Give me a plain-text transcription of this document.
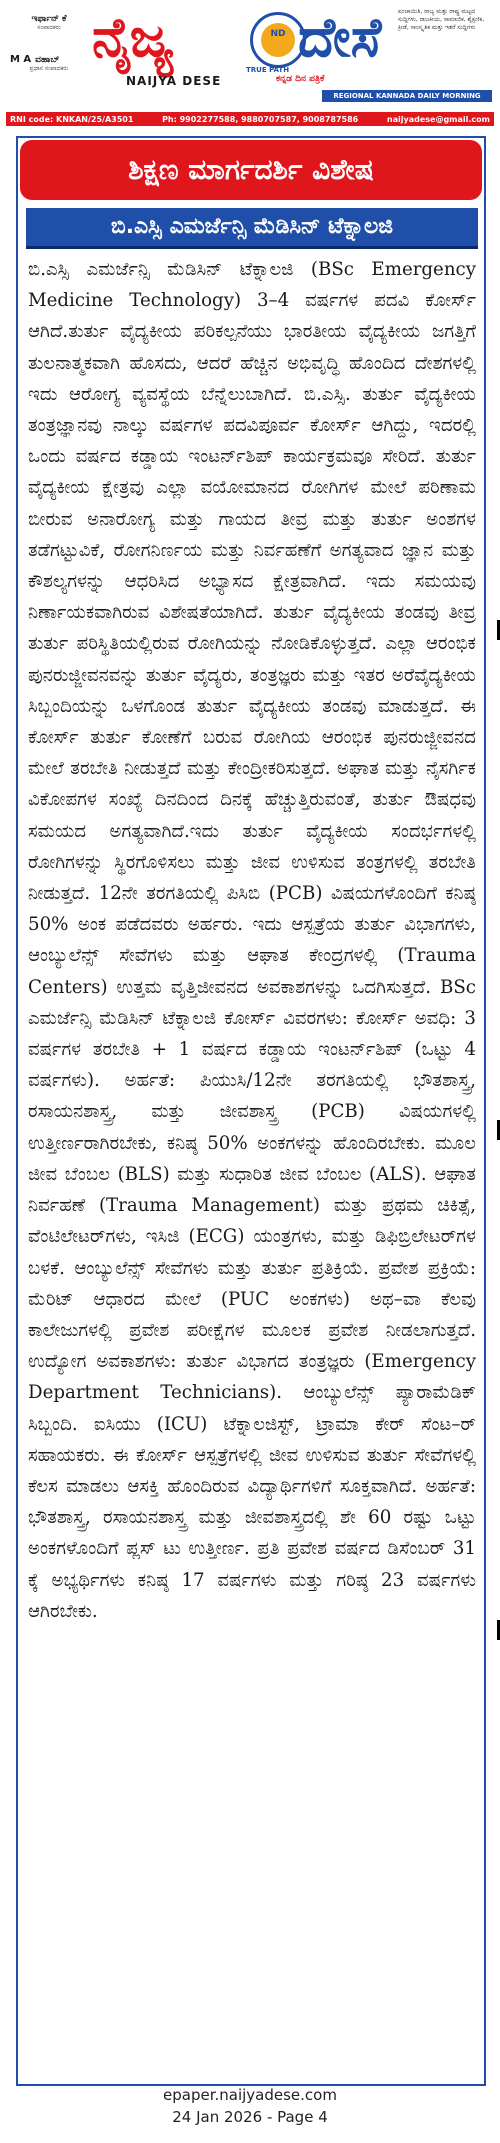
ಇರ್ಫಾನ್ ಕೆ
ಸಂಪಾದಕರು
M A ವಹಾಬ್
ಪ್ರಧಾನ ಸಂಪಾದಕರು ನೈಜ್ಯ	ND ದೇಸೆ
NAIJYA DESE
TRUE PATH
ಕನ್ನಡ ದಿನ ಪತ್ರಿಕೆ
ಪಂಚಾಯಿತಿ, ರಾಜ್ಯ ಮತ್ತು ರಾಷ್ಟ್ರ ಮಟ್ಟದ ಸುದ್ದಿಗಳು, ರಾಜಕೀಯ, ಸಾಮಾಜಿಕ, ಶೈಕ್ಷಣಿಕ, ಕ್ರೀಡೆ, ಸಾಂಸ್ಕೃತಿಕ ಮತ್ತು ಇತರೆ ಸುದ್ದಿಗಳು
REGIONAL KANNADA DAILY MORNING
RNI code: KNKAN/25/A3501	Ph: 9902277588, 9880707587, 9008787586	naijyadese@gmail.com
ಶಿಕ್ಷಣ ಮಾರ್ಗದರ್ಶಿ ವಿಶೇಷ
ಬಿ.ಎಸ್ಸಿ ಎಮರ್ಜೆನ್ಸಿ ಮೆಡಿಸಿನ್ ಟೆಕ್ನಾಲಜಿ

ಬಿ.ಎಸ್ಸಿ ಎಮರ್ಜೆನ್ಸಿ ಮೆಡಿಸಿನ್ ಟೆಕ್ನಾಲಜಿ (BSc Emergency Medicine Technology) 3–4 ವರ್ಷಗಳ ಪದವಿ ಕೋರ್ಸ್ ಆಗಿದೆ.ತುರ್ತು ವೈದ್ಯಕೀಯ ಪರಿಕಲ್ಪನೆಯು ಭಾರತೀಯ ವೈದ್ಯಕೀಯ ಜಗತ್ತಿಗೆ ತುಲನಾತ್ಮಕವಾಗಿ ಹೊಸದು, ಆದರೆ ಹೆಚ್ಚಿನ ಅಭಿವೃದ್ಧಿ ಹೊಂದಿದ ದೇಶಗಳಲ್ಲಿ ಇದು ಆರೋಗ್ಯ ವ್ಯವಸ್ಥೆಯ ಬೆನ್ನೆಲುಬಾಗಿದೆ. ಬಿ.ಎಸ್ಸಿ. ತುರ್ತು ವೈದ್ಯಕೀಯ ತಂತ್ರಜ್ಞಾನವು ನಾಲ್ಕು ವರ್ಷಗಳ ಪದವಿಪೂರ್ವ ಕೋರ್ಸ್ ಆಗಿದ್ದು, ಇದರಲ್ಲಿ ಒಂದು ವರ್ಷದ ಕಡ್ಡಾಯ ಇಂಟರ್ನ್‌ಶಿಪ್ ಕಾರ್ಯಕ್ರಮವೂ ಸೇರಿದೆ. ತುರ್ತು ವೈದ್ಯಕೀಯ ಕ್ಷೇತ್ರವು ಎಲ್ಲಾ ವಯೋಮಾನದ ರೋಗಿಗಳ ಮೇಲೆ ಪರಿಣಾಮ ಬೀರುವ ಅನಾರೋಗ್ಯ ಮತ್ತು ಗಾಯದ ತೀವ್ರ ಮತ್ತು ತುರ್ತು ಅಂಶಗಳ ತಡೆಗಟ್ಟುವಿಕೆ, ರೋಗನಿರ್ಣಯ ಮತ್ತು ನಿರ್ವಹಣೆಗೆ ಅಗತ್ಯವಾದ ಜ್ಞಾನ ಮತ್ತು ಕೌಶಲ್ಯಗಳನ್ನು ಆಧರಿಸಿದ ಅಭ್ಯಾಸದ ಕ್ಷೇತ್ರವಾಗಿದೆ. ಇದು ಸಮಯವು ನಿರ್ಣಾಯಕವಾಗಿರುವ ವಿಶೇಷತೆಯಾಗಿದೆ. ತುರ್ತು ವೈದ್ಯಕೀಯ ತಂಡವು ತೀವ್ರ ತುರ್ತು ಪರಿಸ್ಥಿತಿಯಲ್ಲಿರುವ ರೋಗಿಯನ್ನು ನೋಡಿಕೊಳ್ಳುತ್ತದೆ. ಎಲ್ಲಾ ಆರಂಭಿಕ ಪುನರುಜ್ಜೀವನವನ್ನು ತುರ್ತು ವೈದ್ಯರು, ತಂತ್ರಜ್ಞರು ಮತ್ತು ಇತರ ಅರೆವೈದ್ಯಕೀಯ ಸಿಬ್ಬಂದಿಯನ್ನು ಒಳಗೊಂಡ ತುರ್ತು ವೈದ್ಯಕೀಯ ತಂಡವು ಮಾಡುತ್ತದೆ. ಈ ಕೋರ್ಸ್ ತುರ್ತು ಕೋಣೆಗೆ ಬರುವ ರೋಗಿಯ ಆರಂಭಿಕ ಪುನರುಜ್ಜೀವನದ ಮೇಲೆ ತರಬೇತಿ ನೀಡುತ್ತದೆ ಮತ್ತು ಕೇಂದ್ರೀಕರಿಸುತ್ತದೆ. ಅಘಾತ ಮತ್ತು ನೈಸರ್ಗಿಕ ವಿಕೋಪಗಳ ಸಂಖ್ಯೆ ದಿನದಿಂದ ದಿನಕ್ಕೆ ಹೆಚ್ಚುತ್ತಿರುವಂತೆ, ತುರ್ತು ಔಷಧವು ಸಮಯದ ಅಗತ್ಯವಾಗಿದೆ.ಇದು ತುರ್ತು ವೈದ್ಯಕೀಯ ಸಂದರ್ಭಗಳಲ್ಲಿ ರೋಗಿಗಳನ್ನು ಸ್ಥಿರಗೊಳಿಸಲು ಮತ್ತು ಜೀವ ಉಳಿಸುವ ತಂತ್ರಗಳಲ್ಲಿ ತರಬೇತಿ ನೀಡುತ್ತದೆ. 12ನೇ ತರಗತಿಯಲ್ಲಿ ಪಿಸಿಬಿ (PCB) ವಿಷಯಗಳೊಂದಿಗೆ ಕನಿಷ್ಠ 50% ಅಂಕ ಪಡೆದವರು ಅರ್ಹರು. ಇದು ಆಸ್ಪತ್ರೆಯ ತುರ್ತು ವಿಭಾಗಗಳು, ಆಂಬ್ಯುಲೆನ್ಸ್ ಸೇವೆಗಳು ಮತ್ತು ಆಘಾತ ಕೇಂದ್ರಗಳಲ್ಲಿ (Trauma Centers) ಉತ್ತಮ ವೃತ್ತಿಜೀವನದ ಅವಕಾಶಗಳನ್ನು ಒದಗಿಸುತ್ತದೆ. BSc ಎಮರ್ಜೆನ್ಸಿ ಮೆಡಿಸಿನ್ ಟೆಕ್ನಾಲಜಿ ಕೋರ್ಸ್ ವಿವರಗಳು: ಕೋರ್ಸ್ ಅವಧಿ: 3 ವರ್ಷಗಳ ತರಬೇತಿ + 1 ವರ್ಷದ ಕಡ್ಡಾಯ ಇಂಟರ್ನ್‌ಶಿಪ್ (ಒಟ್ಟು 4 ವರ್ಷಗಳು). ಅರ್ಹತೆ: ಪಿಯುಸಿ/12ನೇ ತರಗತಿಯಲ್ಲಿ ಭೌತಶಾಸ್ತ್ರ, ರಸಾಯನಶಾಸ್ತ್ರ, ಮತ್ತು ಜೀವಶಾಸ್ತ್ರ (PCB) ವಿಷಯಗಳಲ್ಲಿ ಉತ್ತೀರ್ಣರಾಗಿರಬೇಕು, ಕನಿಷ್ಠ 50% ಅಂಕಗಳನ್ನು ಹೊಂದಿರಬೇಕು. ಮೂಲ ಜೀವ ಬೆಂಬಲ (BLS) ಮತ್ತು ಸುಧಾರಿತ ಜೀವ ಬೆಂಬಲ (ALS). ಆಘಾತ ನಿರ್ವಹಣೆ (Trauma Management) ಮತ್ತು ಪ್ರಥಮ ಚಿಕಿತ್ಸೆ, ವೆಂಟಿಲೇಟರ್‌ಗಳು, ಇಸಿಜಿ (ECG) ಯಂತ್ರಗಳು, ಮತ್ತು ಡಿಫಿಬ್ರಿಲೇಟರ್‌ಗಳ ಬಳಕೆ. ಆಂಬ್ಯುಲೆನ್ಸ್ ಸೇವೆಗಳು ಮತ್ತು ತುರ್ತು ಪ್ರತಿಕ್ರಿಯೆ. ಪ್ರವೇಶ ಪ್ರಕ್ರಿಯೆ: ಮೆರಿಟ್ ಆಧಾರದ ಮೇಲೆ (PUC ಅಂಕಗಳು) ಅಥ–ವಾ ಕೆಲವು ಕಾಲೇಜುಗಳಲ್ಲಿ ಪ್ರವೇಶ ಪರೀಕ್ಷೆಗಳ ಮೂಲಕ ಪ್ರವೇಶ ನೀಡಲಾಗುತ್ತದೆ. ಉದ್ಯೋಗ ಅವಕಾಶಗಳು: ತುರ್ತು ವಿಭಾಗದ ತಂತ್ರಜ್ಞರು (Emergency Department Technicians). ಆಂಬ್ಯುಲೆನ್ಸ್ ಪ್ಯಾರಾಮೆಡಿಕ್ ಸಿಬ್ಬಂದಿ. ಐಸಿಯು (ICU) ಟೆಕ್ನಾಲಜಿಸ್ಟ್, ಟ್ರಾಮಾ ಕೇರ್ ಸೆಂಟ–ರ್ ಸಹಾಯಕರು. ಈ ಕೋರ್ಸ್ ಆಸ್ಪತ್ರೆಗಳಲ್ಲಿ ಜೀವ ಉಳಿಸುವ ತುರ್ತು ಸೇವೆಗಳಲ್ಲಿ ಕೆಲಸ ಮಾಡಲು ಆಸಕ್ತಿ ಹೊಂದಿರುವ ವಿದ್ಯಾರ್ಥಿಗಳಿಗೆ ಸೂಕ್ತವಾಗಿದೆ. ಅರ್ಹತೆ: ಭೌತಶಾಸ್ತ್ರ, ರಸಾಯನಶಾಸ್ತ್ರ ಮತ್ತು ಜೀವಶಾಸ್ತ್ರದಲ್ಲಿ ಶೇ 60 ರಷ್ಟು ಒಟ್ಟು ಅಂಕಗಳೊಂದಿಗೆ ಪ್ಲಸ್ ಟು ಉತ್ತೀರ್ಣ. ಪ್ರತಿ ಪ್ರವೇಶ ವರ್ಷದ ಡಿಸೆಂಬರ್ 31 ಕ್ಕೆ ಅಭ್ಯರ್ಥಿಗಳು ಕನಿಷ್ಠ 17 ವರ್ಷಗಳು ಮತ್ತು ಗರಿಷ್ಠ 23 ವರ್ಷಗಳು ಆಗಿರಬೇಕು.

epaper.naijyadese.com
24 Jan 2026 - Page 4
